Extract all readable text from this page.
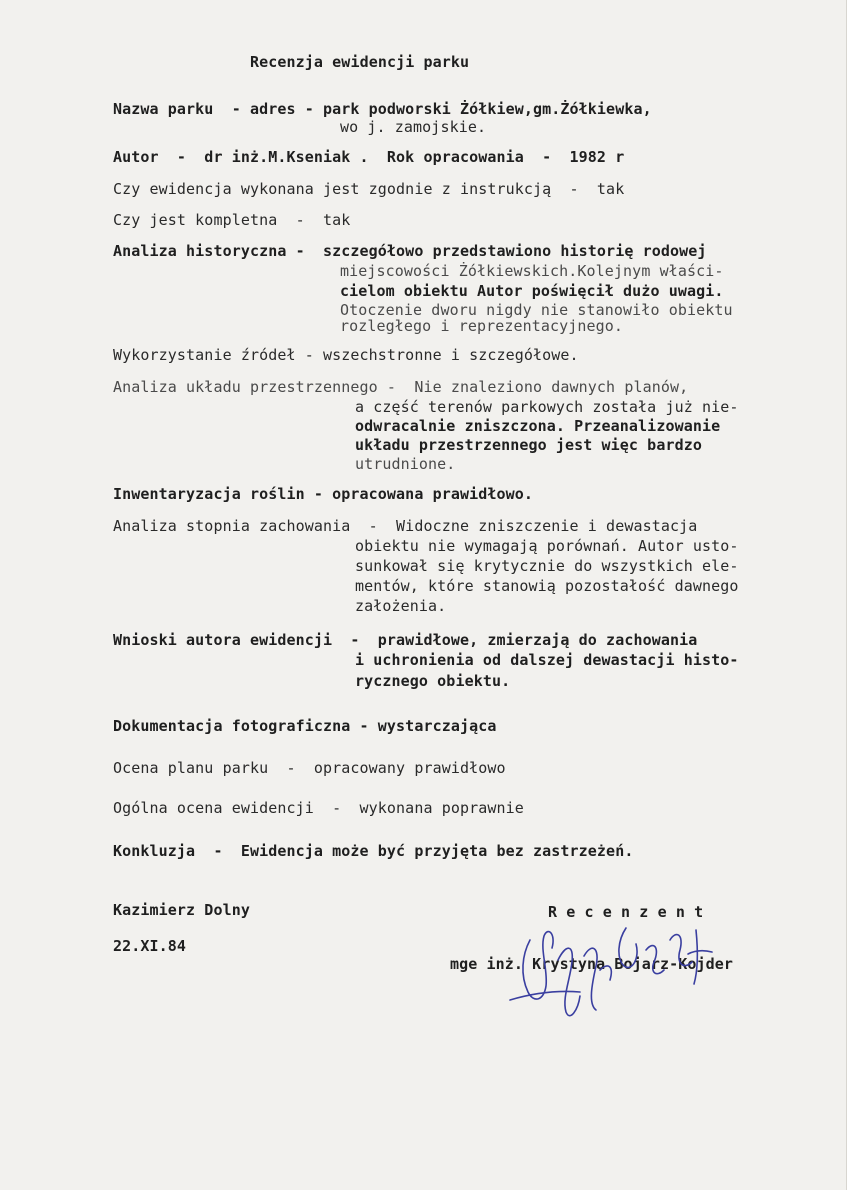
Recenzja ewidencji parku
Nazwa parku  - adres - park podworski Żółkiew,gm.Żółkiewka,
wo j. zamojskie.
Autor  -  dr inż.M.Kseniak .  Rok opracowania  -  1982 r
Czy ewidencja wykonana jest zgodnie z instrukcją  -  tak
Czy jest kompletna  -  tak
Analiza historyczna -  szczegółowo przedstawiono historię rodowej
miejscowości Żółkiewskich.Kolejnym właści-
cielom obiektu Autor poświęcił dużo uwagi.
Otoczenie dworu nigdy nie stanowiło obiektu
rozległego i reprezentacyjnego.
Wykorzystanie źródeł - wszechstronne i szczegółowe.
Analiza układu przestrzennego -  Nie znaleziono dawnych planów,
a część terenów parkowych została już nie-
odwracalnie zniszczona. Przeanalizowanie
układu przestrzennego jest więc bardzo
utrudnione.
Inwentaryzacja roślin - opracowana prawidłowo.
Analiza stopnia zachowania  -  Widoczne zniszczenie i dewastacja
obiektu nie wymagają porównań. Autor usto-
sunkował się krytycznie do wszystkich ele-
mentów, które stanowią pozostałość dawnego
założenia.
Wnioski autora ewidencji  -  prawidłowe, zmierzają do zachowania
i uchronienia od dalszej dewastacji histo-
rycznego obiektu.
Dokumentacja fotograficzna - wystarczająca
Ocena planu parku  -  opracowany prawidłowo
Ogólna ocena ewidencji  -  wykonana poprawnie
Konkluzja  -  Ewidencja może być przyjęta bez zastrzeżeń.
Kazimierz Dolny
22.XI.84
R e c e n z e n t
mge inż. Krystyna Bojarz-Kojder
